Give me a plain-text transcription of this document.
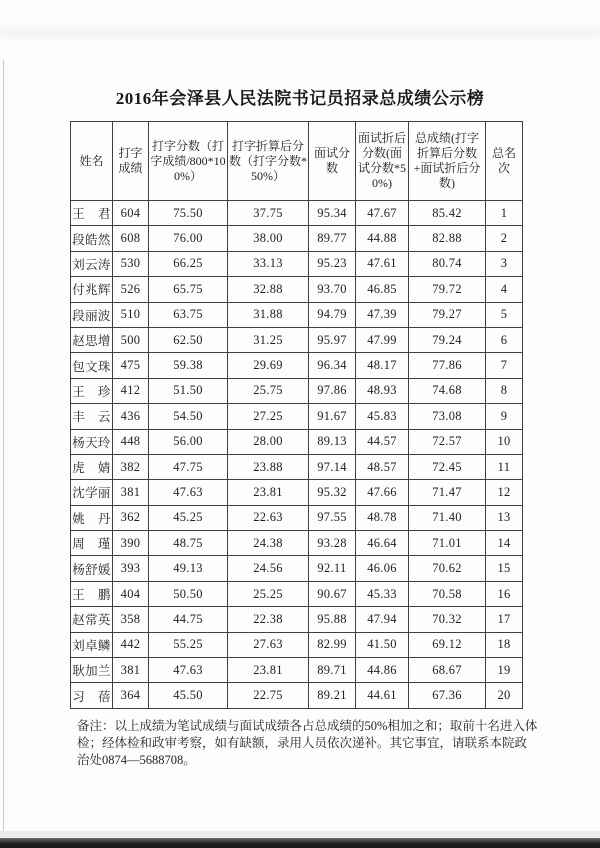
2016年会泽县人民法院书记员招录总成绩公示榜
姓名	打字成绩	打字分数（打字成绩/800*100%）	打字折算后分数（打字分数*50%）	面试分数	面试折后分数(面试分数*50%)	总成绩(打字折算后分数+面试折后分数)	总名次
王　君	604	75.50	37.75	95.34	47.67	85.42	1
段皓然	608	76.00	38.00	89.77	44.88	82.88	2
刘云涛	530	66.25	33.13	95.23	47.61	80.74	3
付兆辉	526	65.75	32.88	93.70	46.85	79.72	4
段丽波	510	63.75	31.88	94.79	47.39	79.27	5
赵思增	500	62.50	31.25	95.97	47.99	79.24	6
包文珠	475	59.38	29.69	96.34	48.17	77.86	7
王　珍	412	51.50	25.75	97.86	48.93	74.68	8
丰　云	436	54.50	27.25	91.67	45.83	73.08	9
杨天玲	448	56.00	28.00	89.13	44.57	72.57	10
虎　婧	382	47.75	23.88	97.14	48.57	72.45	11
沈学丽	381	47.63	23.81	95.32	47.66	71.47	12
姚　丹	362	45.25	22.63	97.55	48.78	71.40	13
周　瑾	390	48.75	24.38	93.28	46.64	71.01	14
杨舒媛	393	49.13	24.56	92.11	46.06	70.62	15
王　鹏	404	50.50	25.25	90.67	45.33	70.58	16
赵常英	358	44.75	22.38	95.88	47.94	70.32	17
刘卓鳞	442	55.25	27.63	82.99	41.50	69.12	18
耿加兰	381	47.63	23.81	89.71	44.86	68.67	19
习　蓓	364	45.50	22.75	89.21	44.61	67.36	20
备注：以上成绩为笔试成绩与面试成绩各占总成绩的50%相加之和；取前十名进入体
检；经体检和政审考察，如有缺额，录用人员依次递补。其它事宜，请联系本院政
治处0874—5688708。
